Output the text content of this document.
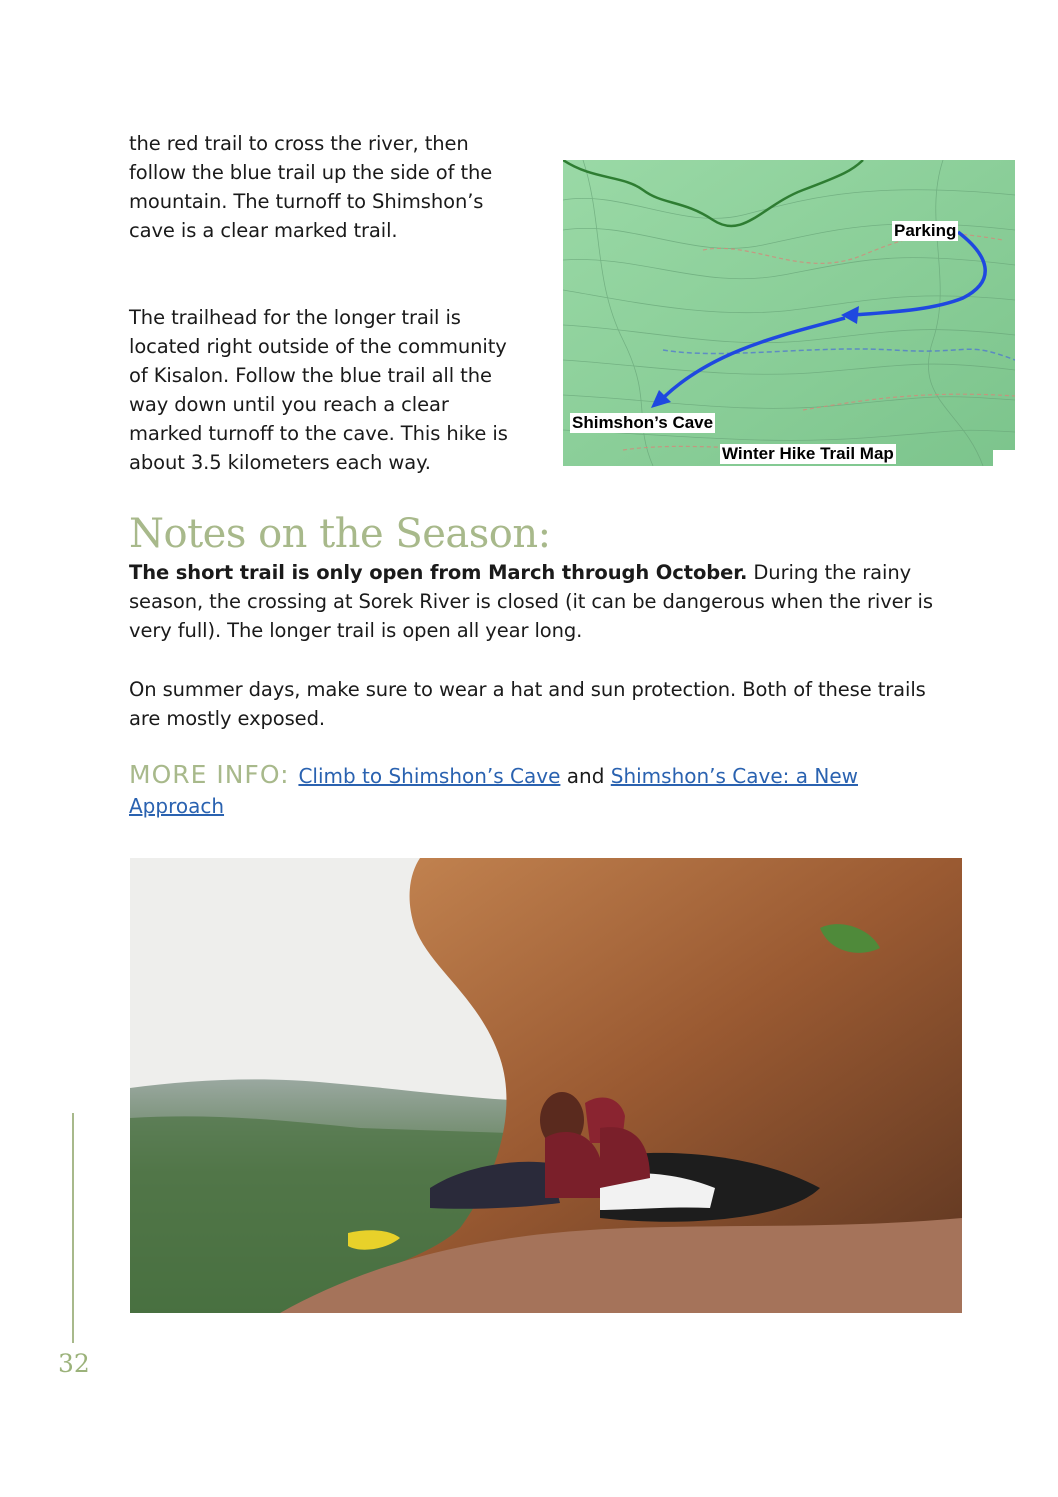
the red trail to cross the river, then follow the blue trail up the side of the mountain. The turnoff to Shimshon’s cave is a clear marked trail.

The trailhead for the longer trail is located right outside of the community of Kisalon. Follow the blue trail all the way down until you reach a clear marked turnoff to the cave. This hike is about 3.5 kilometers each way.

Parking
Shimshon’s Cave
Winter Hike Trail Map
Notes on the Season:

The short trail is only open from March through October. During the rainy season, the crossing at Sorek River is closed (it can be dangerous when the river is very full). The longer trail is open all year long.

On summer days, make sure to wear a hat and sun protection. Both of these trails are mostly exposed.

MORE INFO: Climb to Shimshon’s Cave and Shimshon’s Cave: a New Approach

32
